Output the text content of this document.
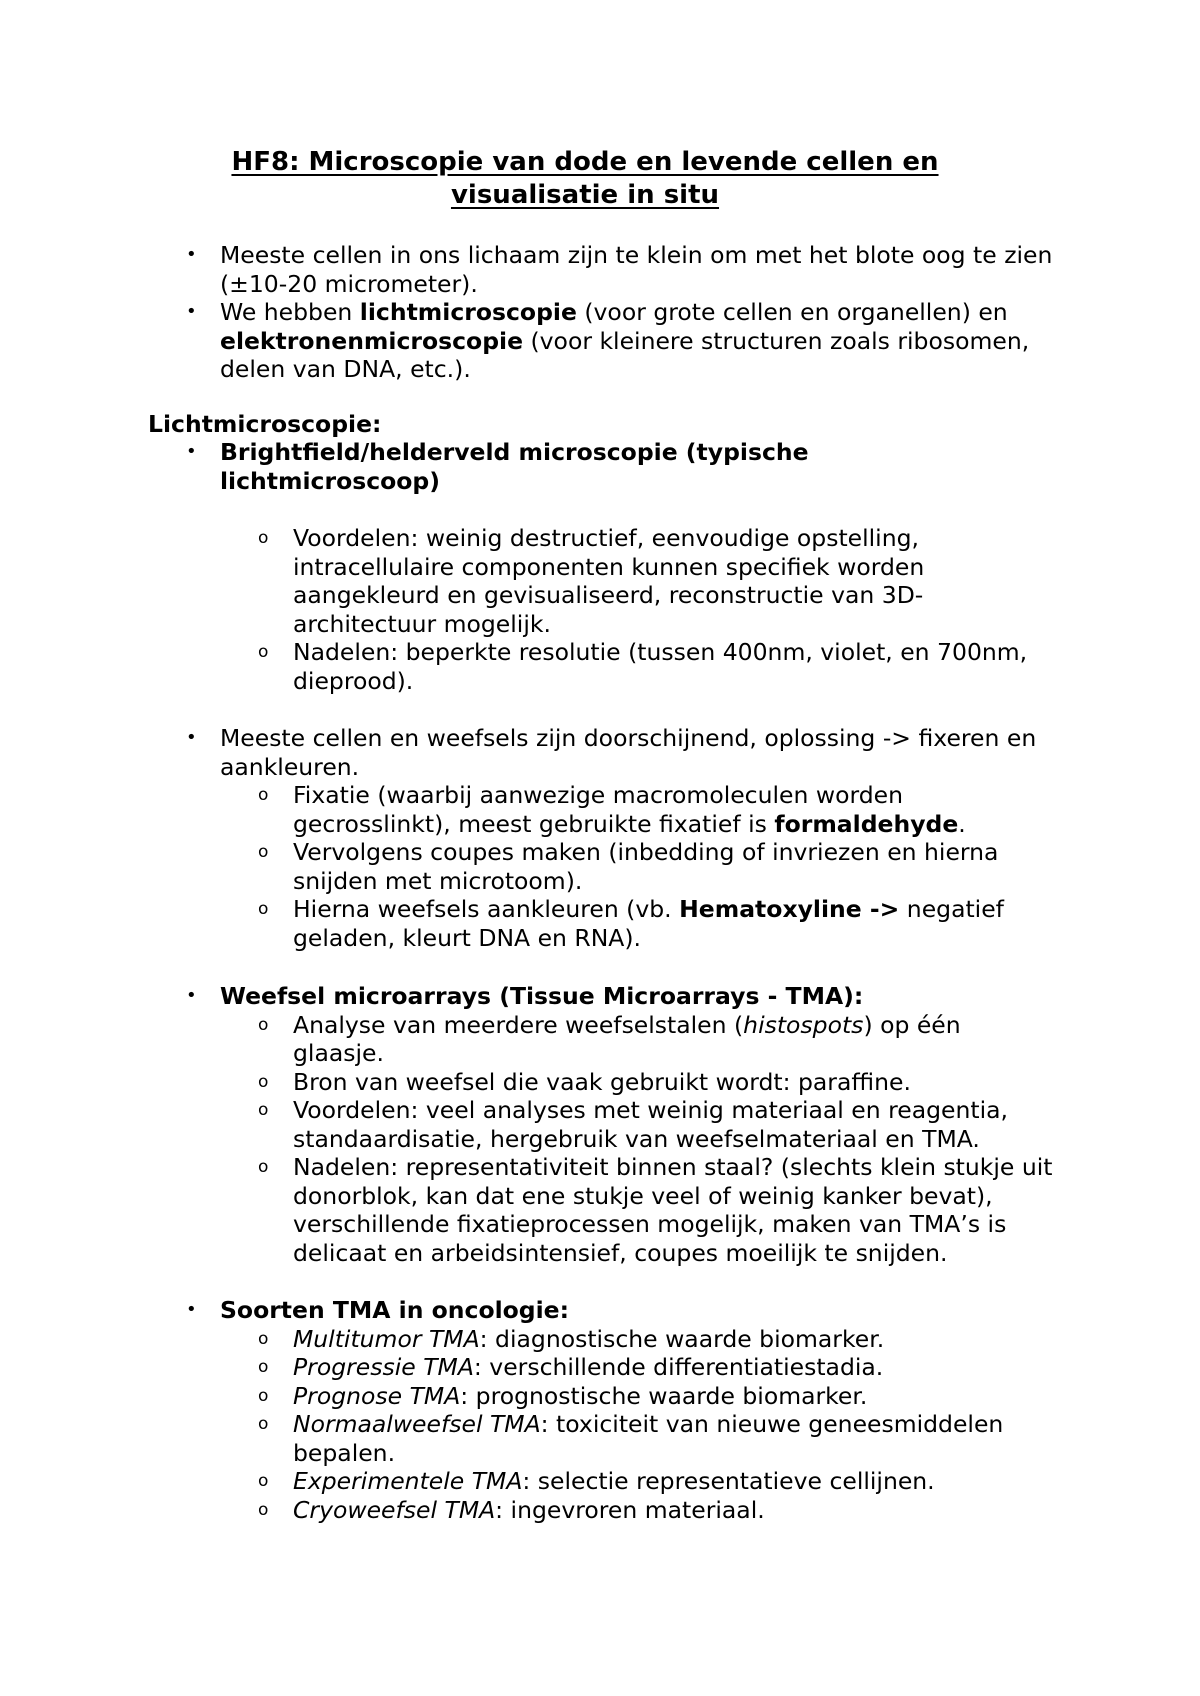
HF8: Microscopie van dode en levende cellen en visualisatie in situ
• Meeste cellen in ons lichaam zijn te klein om met het blote oog te zien (±10-20 micrometer).
• We hebben lichtmicroscopie (voor grote cellen en organellen) en elektronenmicroscopie (voor kleinere structuren zoals ribosomen, delen van DNA, etc.).
Lichtmicroscopie:
• Brightfield/helderveld microscopie (typische lichtmicroscoop)
o Voordelen: weinig destructief, eenvoudige opstelling, intracellulaire componenten kunnen specifiek worden aangekleurd en gevisualiseerd, reconstructie van 3D-architectuur mogelijk.
o Nadelen: beperkte resolutie (tussen 400nm, violet, en 700nm, dieprood).
• Meeste cellen en weefsels zijn doorschijnend, oplossing -> fixeren en aankleuren.
o Fixatie (waarbij aanwezige macromoleculen worden gecrosslinkt), meest gebruikte fixatief is formaldehyde.
o Vervolgens coupes maken (inbedding of invriezen en hierna snijden met microtoom).
o Hierna weefsels aankleuren (vb. Hematoxyline -> negatief geladen, kleurt DNA en RNA).
• Weefsel microarrays (Tissue Microarrays - TMA):
o Analyse van meerdere weefselstalen (histospots) op één glaasje.
o Bron van weefsel die vaak gebruikt wordt: paraffine.
o Voordelen: veel analyses met weinig materiaal en reagentia, standaardisatie, hergebruik van weefselmateriaal en TMA.
o Nadelen: representativiteit binnen staal? (slechts klein stukje uit donorblok, kan dat ene stukje veel of weinig kanker bevat), verschillende fixatieprocessen mogelijk, maken van TMA’s is delicaat en arbeidsintensief, coupes moeilijk te snijden.
• Soorten TMA in oncologie:
o Multitumor TMA: diagnostische waarde biomarker.
o Progressie TMA: verschillende differentiatiestadia.
o Prognose TMA: prognostische waarde biomarker.
o Normaalweefsel TMA: toxiciteit van nieuwe geneesmiddelen bepalen.
o Experimentele TMA: selectie representatieve cellijnen.
o Cryoweefsel TMA: ingevroren materiaal.
